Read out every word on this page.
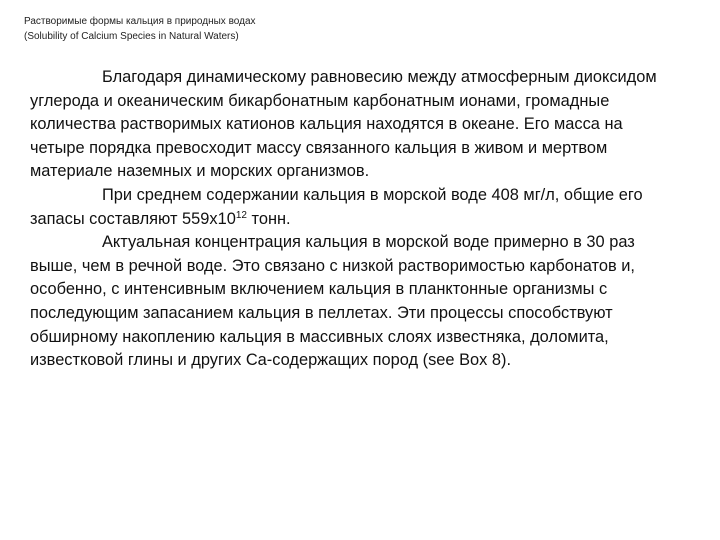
Растворимые формы кальция в природных водах
(Solubility of Calcium Species in Natural Waters)

Благодаря динамическому равновесию между атмосферным диоксидом углерода и океаническим бикарбонатным карбонатным ионами, громадные количества растворимых катионов кальция находятся в океане. Его масса на четыре порядка превосходит массу связанного кальция в живом и мертвом материале наземных и морских организмов.

При среднем содержании кальция в морской воде 408 мг/л, общие его запасы составляют $559х10^{12}$ тонн.

Актуальная концентрация кальция в морской воде примерно в 30 раз выше, чем в речной воде. Это связано с низкой растворимостью карбонатов и, особенно, с интенсивным включением кальция в планктонные организмы с последующим запасанием кальция в пеллетах. Эти процессы способствуют обширному накоплению кальция в массивных слоях известняка, доломита, известковой глины и других Ca-содержащих пород (see Box 8).
